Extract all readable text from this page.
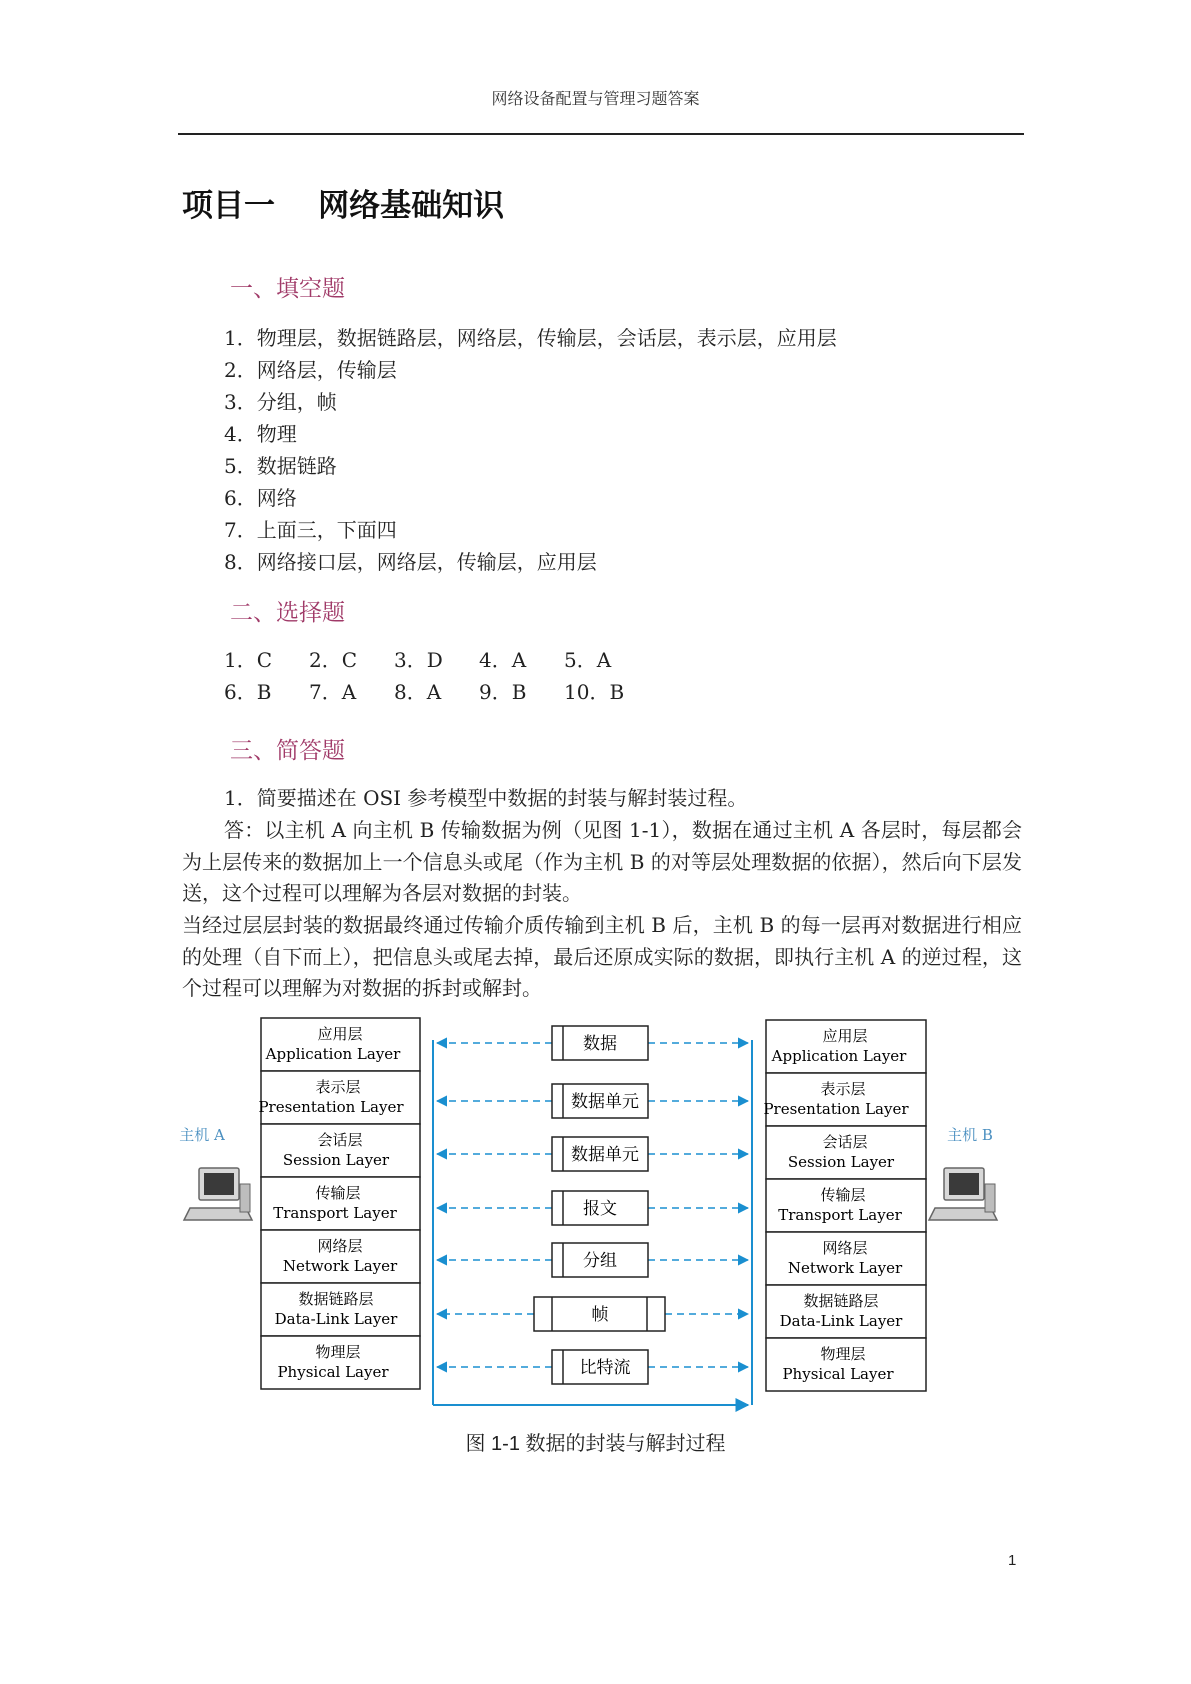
网络设备配置与管理习题答案
项目一    网络基础知识
一、填空题
1．物理层，数据链路层，网络层，传输层，会话层，表示层，应用层
2．网络层，传输层
3．分组，帧
4．物理
5．数据链路
6．网络
7．上面三，下面四
8．网络接口层，网络层，传输层，应用层
二、选择题
1．C	2．C	3．D	4．A	5．A
6．B	7．A	8．A	9．B	10．B
三、简答题

1．简要描述在 OSI 参考模型中数据的封装与解封装过程。

答：以主机 A 向主机 B 传输数据为例（见图 1-1），数据在通过主机 A 各层时，每层都会为上层传来的数据加上一个信息头或尾（作为主机 B 的对等层处理数据的依据），然后向下层发送，这个过程可以理解为各层对数据的封装。

当经过层层封装的数据最终通过传输介质传输到主机 B 后，主机 B 的每一层再对数据进行相应的处理（自下而上），把信息头或尾去掉，最后还原成实际的数据，即执行主机 A 的逆过程，这个过程可以理解为对数据的拆封或解封。

主机 A	主机 B
应用层
Application Layer
表示层
Presentation Layer
会话层
Session Layer
传输层
Transport Layer
网络层
Network Layer
数据链路层
Data-Link Layer
物理层
Physical Layer
应用层
Application Layer
表示层
Presentation Layer
会话层
Session Layer
传输层
Transport Layer
网络层
Network Layer
数据链路层
Data-Link Layer
物理层
Physical Layer
数据
数据单元
数据单元
报文
分组
帧
比特流
图 1-1 数据的封装与解封过程
1
